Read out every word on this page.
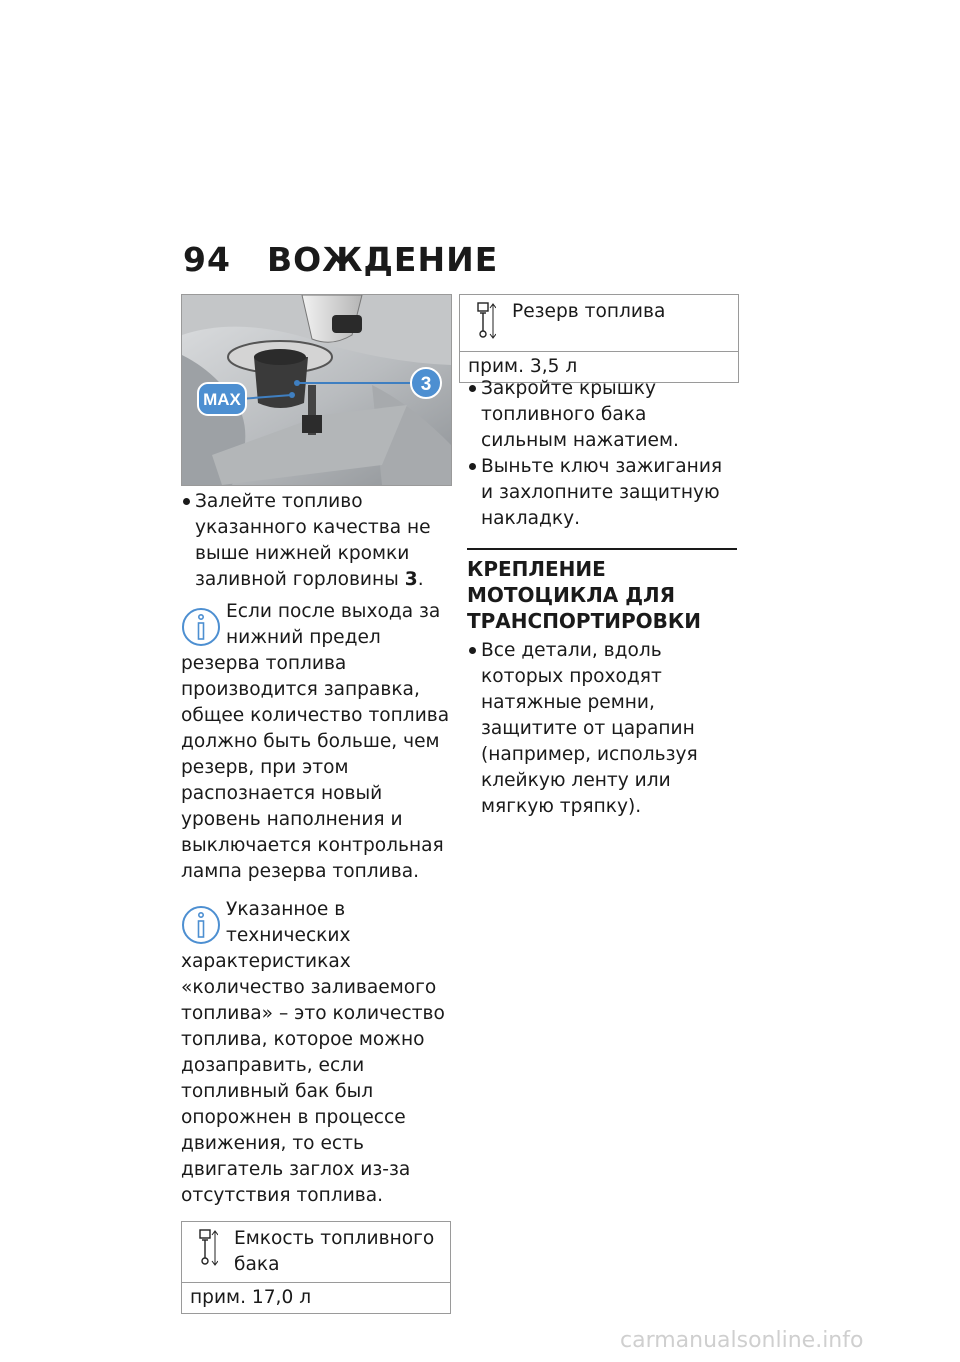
94 ВОЖДЕНИЕ
MAX
3

Залейте топливо указанного качества не выше нижней кромки заливной горловины 3.

Если после выхода за нижний предел резерва топлива производится заправка, общее количество топлива должно быть больше, чем резерв, при этом распознается новый уровень наполнения и выключается контрольная лампа резерва топлива.

Указанное в технических характеристиках «количество заливаемого топлива» – это количество топлива, которое можно дозаправить, если топливный бак был опорожнен в процессе движения, то есть двигатель заглох из-за отсутствия топлива.

Емкость топливного бака
прим. 17,0 л
Резерв топлива
прим. 3,5 л

Закройте крышку топливного бака сильным нажатием.

Выньте ключ зажигания и захлопните защитную накладку.

КРЕПЛЕНИЕ МОТОЦИКЛА ДЛЯ ТРАНСПОРТИРОВКИ

Все детали, вдоль которых проходят натяжные ремни, защитите от царапин (например, используя клейкую ленту или мягкую тряпку).

carmanualsonline.info
